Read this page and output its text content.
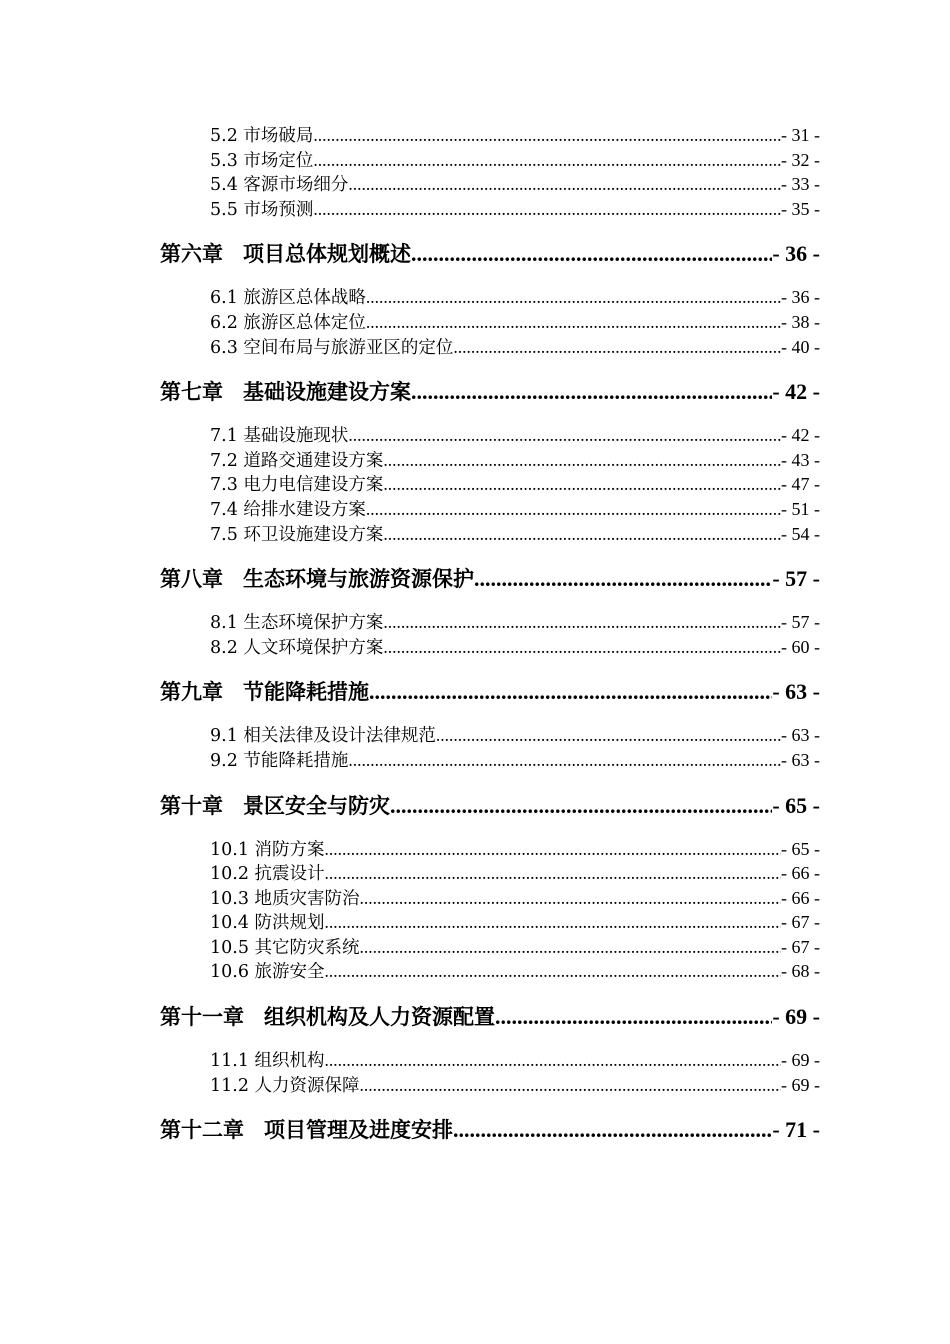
5.2 市场破局 .....	- 31 -
5.3 市场定位 .....	- 32 -
5.4 客源市场细分 .....	- 33 -
5.5 市场预测 .....	- 35 -
第六章 项目总体规划概述 .....	- 36 -
6.1 旅游区总体战略 .....	- 36 -
6.2 旅游区总体定位 .....	- 38 -
6.3 空间布局与旅游亚区的定位 .....	- 40 -
第七章 基础设施建设方案 .....	- 42 -
7.1 基础设施现状 .....	- 42 -
7.2 道路交通建设方案 .....	- 43 -
7.3 电力电信建设方案 .....	- 47 -
7.4 给排水建设方案 .....	- 51 -
7.5 环卫设施建设方案 .....	- 54 -
第八章 生态环境与旅游资源保护 .....	- 57 -
8.1 生态环境保护方案 .....	- 57 -
8.2 人文环境保护方案 .....	- 60 -
第九章 节能降耗措施 .....	- 63 -
9.1 相关法律及设计法律规范 .....	- 63 -
9.2 节能降耗措施 .....	- 63 -
第十章 景区安全与防灾 .....	- 65 -
10.1 消防方案 .....	- 65 -
10.2 抗震设计 .....	- 66 -
10.3 地质灾害防治 .....	- 66 -
10.4 防洪规划 .....	- 67 -
10.5 其它防灾系统 .....	- 67 -
10.6 旅游安全 .....	- 68 -
第十一章 组织机构及人力资源配置 .....	- 69 -
11.1 组织机构 .....	- 69 -
11.2 人力资源保障 .....	- 69 -
第十二章 项目管理及进度安排 .....	- 71 -
